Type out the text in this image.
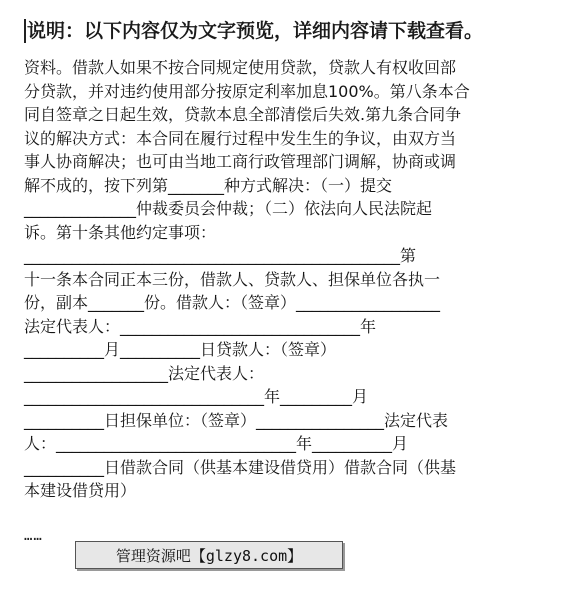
说明：以下内容仅为文字预览，详细内容请下载查看。
资料。借款人如果不按合同规定使用贷款，贷款人有权收回部
分贷款，并对违约使用部分按原定利率加息100%。第八条本合
同自签章之日起生效，贷款本息全部清偿后失效.第九条合同争
议的解决方式：本合同在履行过程中发生生的争议，由双方当
事人协商解决；也可由当地工商行政管理部门调解，协商或调
解不成的，按下列第_______种方式解决：（一）提交
______________仲裁委员会仲裁；（二）依法向人民法院起
诉。第十条其他约定事项：
_______________________________________________第
十一条本合同正本三份，借款人、贷款人、担保单位各执一
份，副本_______份。借款人：（签章）__________________
法定代表人：______________________________年
__________月__________日贷款人：（签章）
__________________法定代表人：
______________________________年_________月
__________日担保单位：（签章）________________法定代表
人：______________________________年__________月
__________日借款合同（供基本建设借贷用）借款合同（供基
本建设借贷用）
……
管理资源吧【glzy8.com】
